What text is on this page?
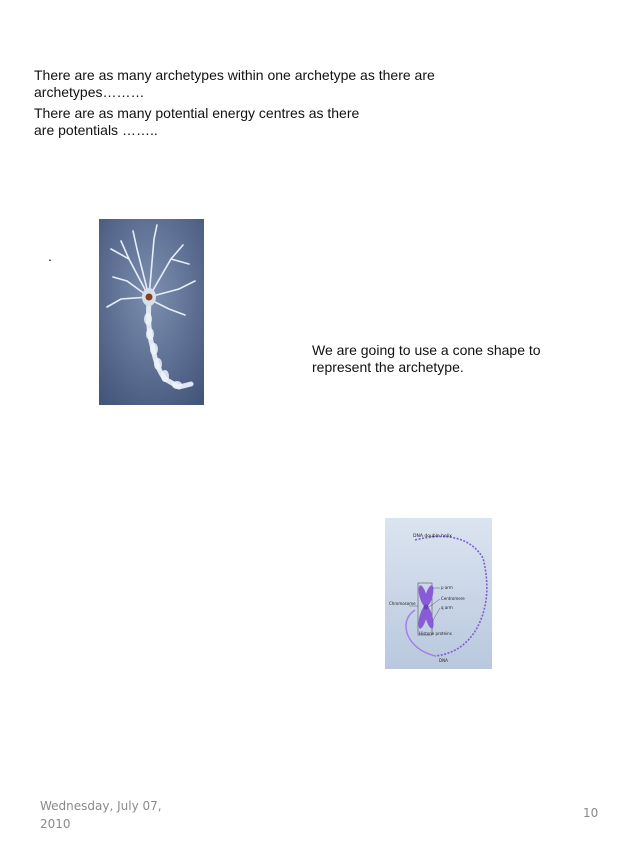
There are as many archetypes within one archetype as there are archetypes………
There are as many potential energy centres as there are potentials ……..
.
We are going to use a cone shape to represent the archetype.
DNA double helix
p arm
Centromere
q arm
Chromosome
Histone proteins
DNA
Wednesday, July 07, 2010
10
